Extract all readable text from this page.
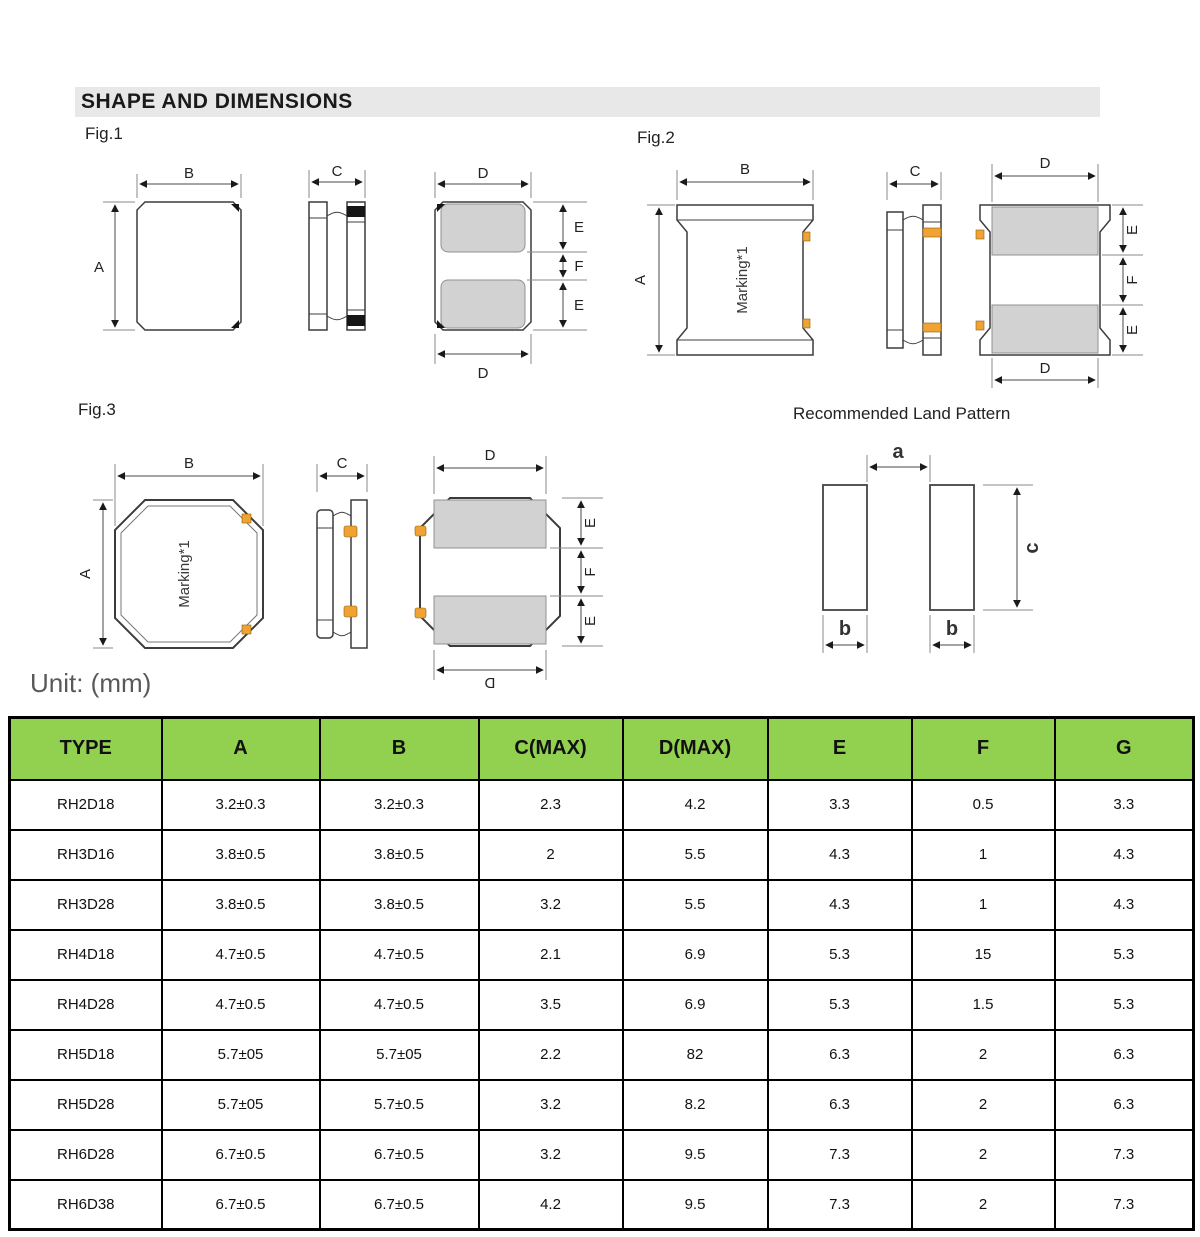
SHAPE AND DIMENSIONS
Fig.1	Fig.2
Fig.3	Recommended Land Pattern
Unit: (mm)
A
B	C	D
D
E
F
E	Marking*1
A
B	C	D
D
E
F
E
Marking*1
A
B	C	D
D
E
F
E
a
b	b
c
TYPE	A	B	C(MAX)	D(MAX)	E	F	G
RH2D18	3.2±0.3	3.2±0.3	2.3	4.2	3.3	0.5	3.3
RH3D16	3.8±0.5	3.8±0.5	2	5.5	4.3	1	4.3
RH3D28	3.8±0.5	3.8±0.5	3.2	5.5	4.3	1	4.3
RH4D18	4.7±0.5	4.7±0.5	2.1	6.9	5.3	15	5.3
RH4D28	4.7±0.5	4.7±0.5	3.5	6.9	5.3	1.5	5.3
RH5D18	5.7±05	5.7±05	2.2	82	6.3	2	6.3
RH5D28	5.7±05	5.7±0.5	3.2	8.2	6.3	2	6.3
RH6D28	6.7±0.5	6.7±0.5	3.2	9.5	7.3	2	7.3
RH6D38	6.7±0.5	6.7±0.5	4.2	9.5	7.3	2	7.3
